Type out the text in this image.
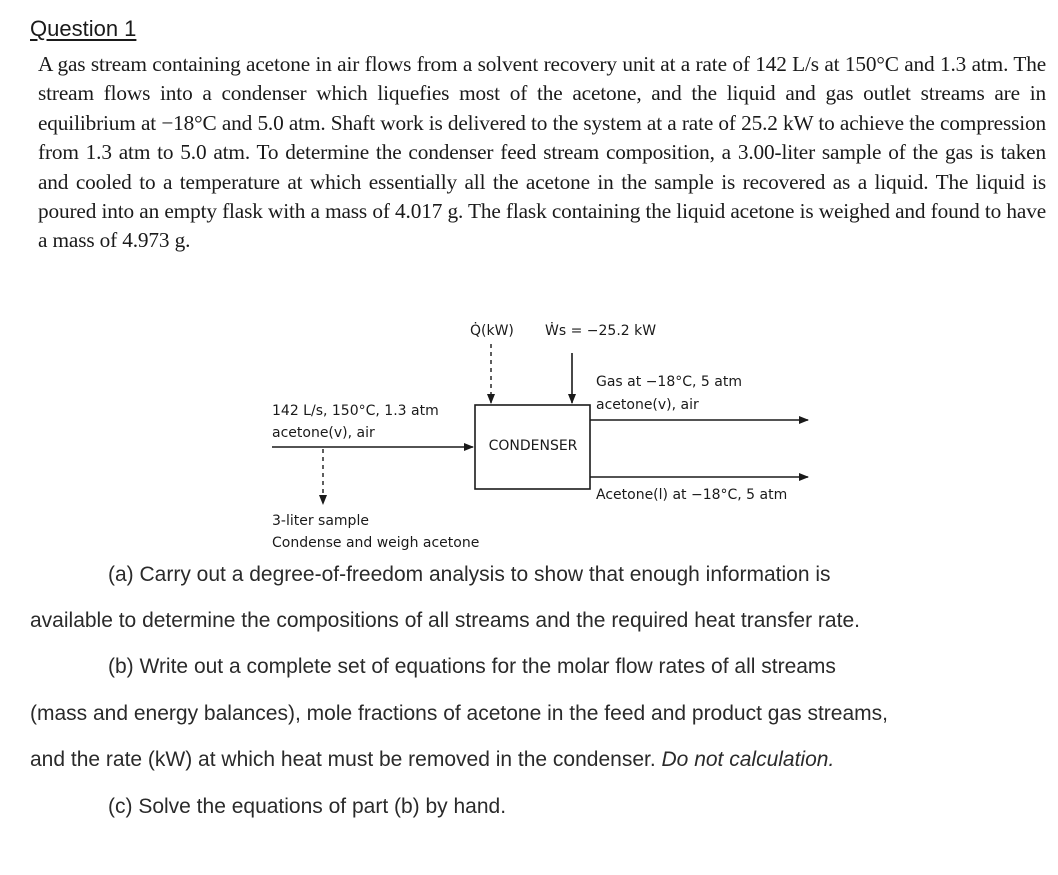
Question 1

A gas stream containing acetone in air flows from a solvent recovery unit at a rate of 142 L/s at 150°C and 1.3 atm. The stream flows into a condenser which liquefies most of the acetone, and the liquid and gas outlet streams are in equilibrium at −18°C and 5.0 atm. Shaft work is delivered to the system at a rate of 25.2 kW to achieve the compression from 1.3 atm to 5.0 atm. To determine the condenser feed stream composition, a 3.00-liter sample of the gas is taken and cooled to a temperature at which essentially all the acetone in the sample is recovered as a liquid. The liquid is poured into an empty flask with a mass of 4.017 g. The flask containing the liquid acetone is weighed and found to have a mass of 4.973 g.

CONDENSER
Q̇(kW) Ẇs = −25.2 kW
142 L/s, 150°C, 1.3 atm
acetone(v), air
3-liter sample
Condense and weigh acetone
Gas at −18°C, 5 atm
acetone(v), air
Acetone(l) at −18°C, 5 atm

(a) Carry out a degree-of-freedom analysis to show that enough information is

available to determine the compositions of all streams and the required heat transfer rate.

(b) Write out a complete set of equations for the molar flow rates of all streams

(mass and energy balances), mole fractions of acetone in the feed and product gas streams,

and the rate (kW) at which heat must be removed in the condenser. Do not calculation.

(c) Solve the equations of part (b) by hand.
